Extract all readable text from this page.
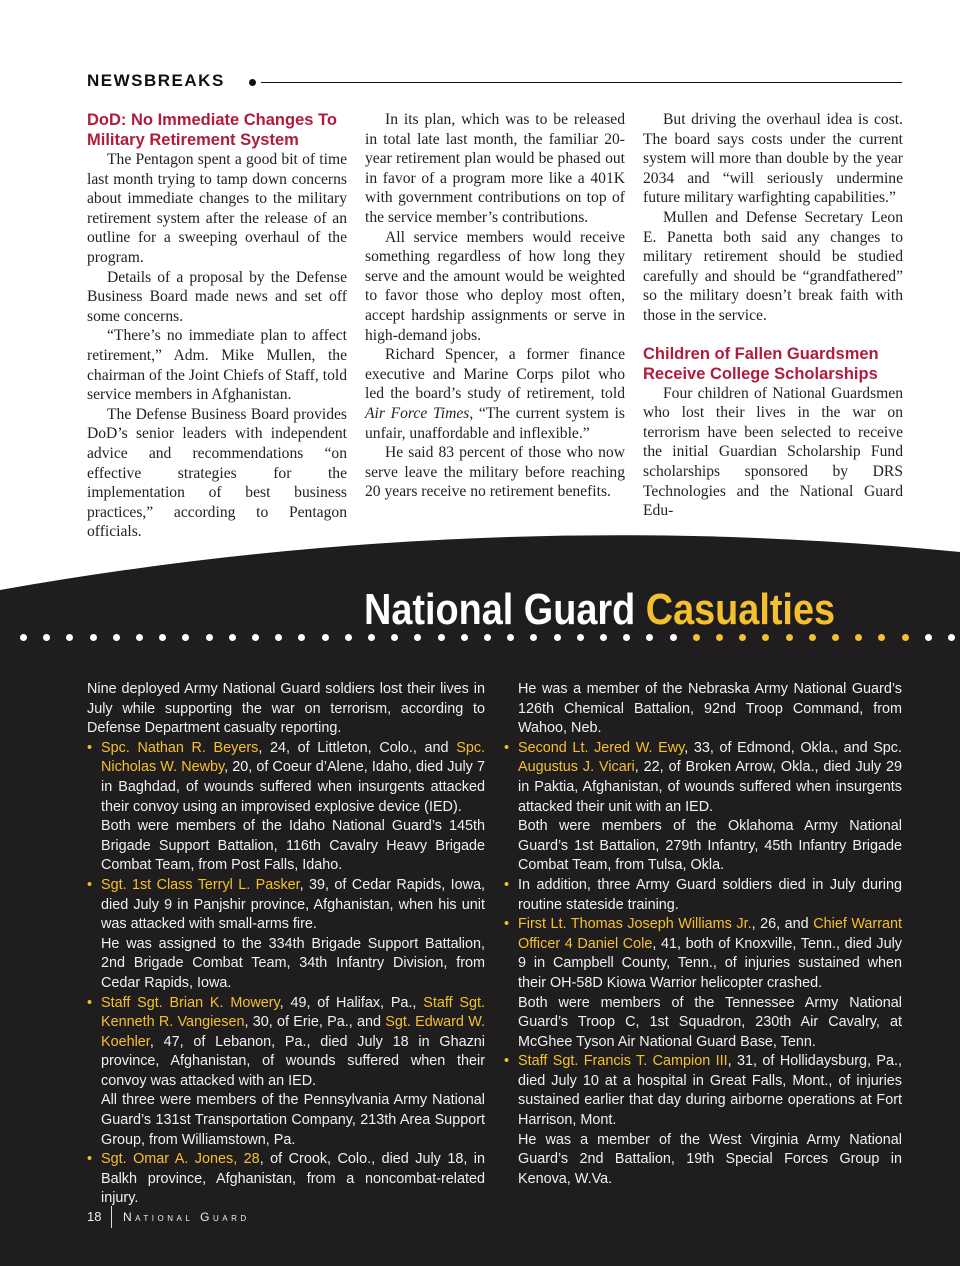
NEWSBREAKS
DoD: No Immediate Changes To Military Retirement System

The Pentagon spent a good bit of time last month trying to tamp down concerns about immediate changes to the military retirement system after the release of an outline for a sweeping overhaul of the program.

Details of a proposal by the Defense Business Board made news and set off some concerns.

“There’s no immediate plan to affect retirement,” Adm. Mike Mullen, the chairman of the Joint Chiefs of Staff, told service members in Afghanistan.

The Defense Business Board provides DoD’s senior leaders with independent advice and recommendations “on effective strategies for the implementation of best business practices,” according to Pentagon officials.

In its plan, which was to be released in total late last month, the familiar 20-year retirement plan would be phased out in favor of a program more like a 401K with government contributions on top of the service member’s contributions.

All service members would receive something regardless of how long they serve and the amount would be weighted to favor those who deploy most often, accept hardship assignments or serve in high-demand jobs.

Richard Spencer, a former finance executive and Marine Corps pilot who led the board’s study of retirement, told Air Force Times, “The current system is unfair, unaffordable and inflexible.”

He said 83 percent of those who now serve leave the military before reaching 20 years receive no retirement benefits.

But driving the overhaul idea is cost. The board says costs under the current system will more than double by the year 2034 and “will seriously undermine future military warfighting capabilities.”

Mullen and Defense Secretary Leon E. Panetta both said any changes to military retirement should be studied carefully and should be “grandfathered” so the military doesn’t break faith with those in the service.

Children of Fallen Guardsmen Receive College Scholarships

Four children of National Guardsmen who lost their lives in the war on terrorism have been selected to receive the initial Guardian Scholarship Fund scholarships sponsored by DRS Technologies and the National Guard Edu-

National Guard Casualties

Nine deployed Army National Guard soldiers lost their lives in July while supporting the war on terrorism, according to Defense Department casualty reporting.

• Spc. Nathan R. Beyers, 24, of Littleton, Colo., and Spc. Nicholas W. Newby, 20, of Coeur d’Alene, Idaho, died July 7 in Baghdad, of wounds suffered when insurgents attacked their convoy using an improvised explosive device (IED).

Both were members of the Idaho National Guard’s 145th Brigade Support Battalion, 116th Cavalry Heavy Brigade Combat Team, from Post Falls, Idaho.

• Sgt. 1st Class Terryl L. Pasker, 39, of Cedar Rapids, Iowa, died July 9 in Panjshir province, Afghanistan, when his unit was attacked with small-arms fire.

He was assigned to the 334th Brigade Support Battalion, 2nd Brigade Combat Team, 34th Infantry Division, from Cedar Rapids, Iowa.

• Staff Sgt. Brian K. Mowery, 49, of Halifax, Pa., Staff Sgt. Kenneth R. Vangiesen, 30, of Erie, Pa., and Sgt. Edward W. Koehler, 47, of Lebanon, Pa., died July 18 in Ghazni province, Afghanistan, of wounds suffered when their convoy was attacked with an IED.

All three were members of the Pennsylvania Army National Guard’s 131st Transportation Company, 213th Area Support Group, from Williamstown, Pa.

• Sgt. Omar A. Jones, 28, of Crook, Colo., died July 18, in Balkh province, Afghanistan, from a noncombat-related injury.

He was a member of the Nebraska Army National Guard’s 126th Chemical Battalion, 92nd Troop Command, from Wahoo, Neb.

• Second Lt. Jered W. Ewy, 33, of Edmond, Okla., and Spc. Augustus J. Vicari, 22, of Broken Arrow, Okla., died July 29 in Paktia, Afghanistan, of wounds suffered when insurgents attacked their unit with an IED.

Both were members of the Oklahoma Army National Guard’s 1st Battalion, 279th Infantry, 45th Infantry Brigade Combat Team, from Tulsa, Okla.

• In addition, three Army Guard soldiers died in July during routine stateside training.

• First Lt. Thomas Joseph Williams Jr., 26, and Chief Warrant Officer 4 Daniel Cole, 41, both of Knoxville, Tenn., died July 9 in Campbell County, Tenn., of injuries sustained when their OH-58D Kiowa Warrior helicopter crashed.

Both were members of the Tennessee Army National Guard’s Troop C, 1st Squadron, 230th Air Cavalry, at McGhee Tyson Air National Guard Base, Tenn.

• Staff Sgt. Francis T. Campion III, 31, of Hollidaysburg, Pa., died July 10 at a hospital in Great Falls, Mont., of injuries sustained earlier that day during airborne operations at Fort Harrison, Mont.

He was a member of the West Virginia Army National Guard’s 2nd Battalion, 19th Special Forces Group in Kenova, W.Va.

18 National Guard
